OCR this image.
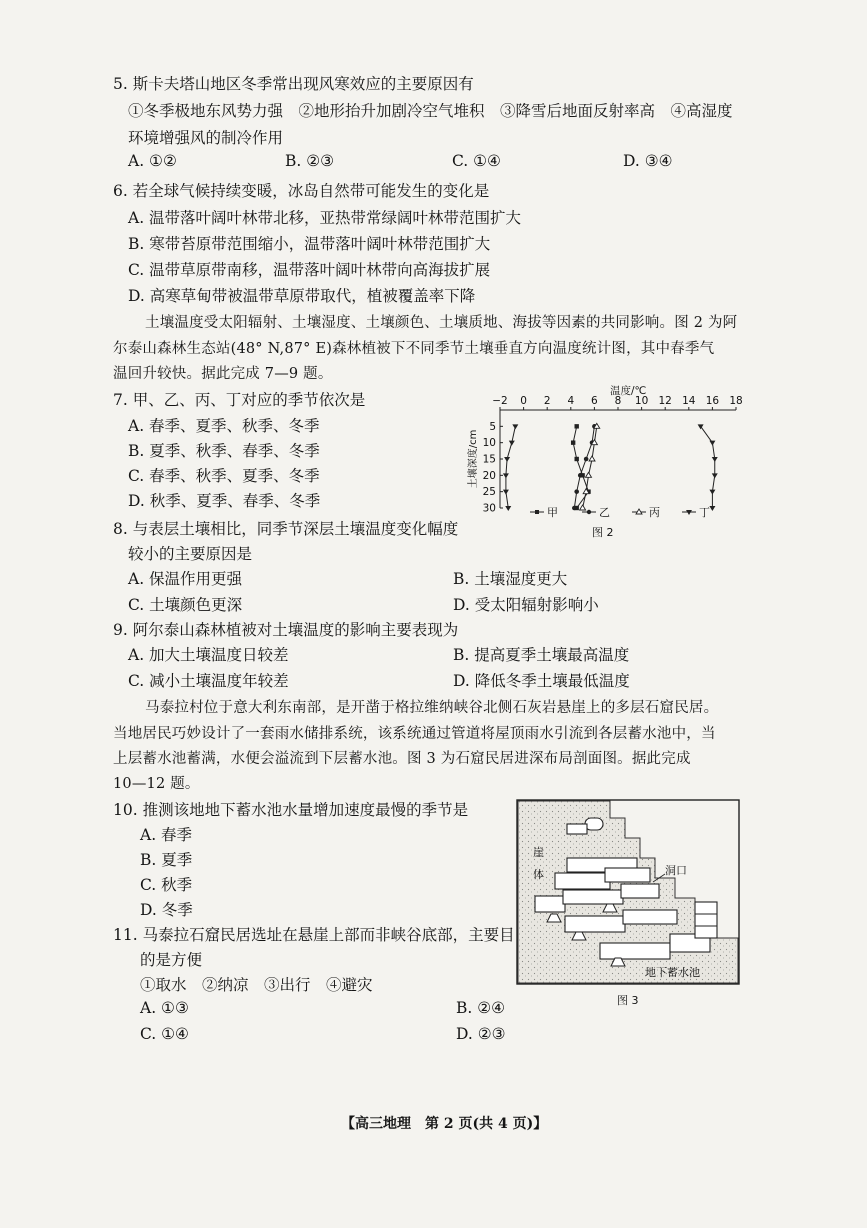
5. 斯卡夫塔山地区冬季常出现风寒效应的主要原因有
①冬季极地东风势力强　②地形抬升加剧冷空气堆积　③降雪后地面反射率高　④高湿度
环境增强风的制冷作用
A. ①②	B. ②③	C. ①④	D. ③④
6. 若全球气候持续变暖，冰岛自然带可能发生的变化是
A. 温带落叶阔叶林带北移，亚热带常绿阔叶林带范围扩大
B. 寒带苔原带范围缩小，温带落叶阔叶林带范围扩大
C. 温带草原带南移，温带落叶阔叶林带向高海拔扩展
D. 高寒草甸带被温带草原带取代，植被覆盖率下降
土壤温度受太阳辐射、土壤湿度、土壤颜色、土壤质地、海拔等因素的共同影响。图 2 为阿
尔泰山森林生态站(48° N,87° E)森林植被下不同季节土壤垂直方向温度统计图，其中春季气
温回升较快。据此完成 7—9 题。
7. 甲、乙、丙、丁对应的季节依次是
A. 春季、夏季、秋季、冬季
B. 夏季、秋季、春季、冬季
C. 春季、秋季、夏季、冬季
D. 秋季、夏季、春季、冬季
−2 0 2 4 6 8 10 12 14 16 18
5
10
15
20
25
30
温度/℃
土壤深度/cm
甲	乙	丙	丁
图 2
8. 与表层土壤相比，同季节深层土壤温度变化幅度
较小的主要原因是
A. 保温作用更强	B. 土壤湿度更大
C. 土壤颜色更深	D. 受太阳辐射影响小
9. 阿尔泰山森林植被对土壤温度的影响主要表现为
A. 加大土壤温度日较差	B. 提高夏季土壤最高温度
C. 减小土壤温度年较差	D. 降低冬季土壤最低温度
马泰拉村位于意大利东南部，是开凿于格拉维纳峡谷北侧石灰岩悬崖上的多层石窟民居。
当地居民巧妙设计了一套雨水储排系统，该系统通过管道将屋顶雨水引流到各层蓄水池中，当
上层蓄水池蓄满，水便会溢流到下层蓄水池。图 3 为石窟民居进深布局剖面图。据此完成
10—12 题。
10. 推测该地地下蓄水池水量增加速度最慢的季节是
A. 春季
B. 夏季
C. 秋季
D. 冬季
11. 马泰拉石窟民居选址在悬崖上部而非峡谷底部，主要目
的是方便
①取水　②纳凉　③出行　④避灾
A. ①③	B. ②④
C. ①④	D. ②③
崖
体	洞口
地下蓄水池
图 3
【高三地理　第 2 页(共 4 页)】
